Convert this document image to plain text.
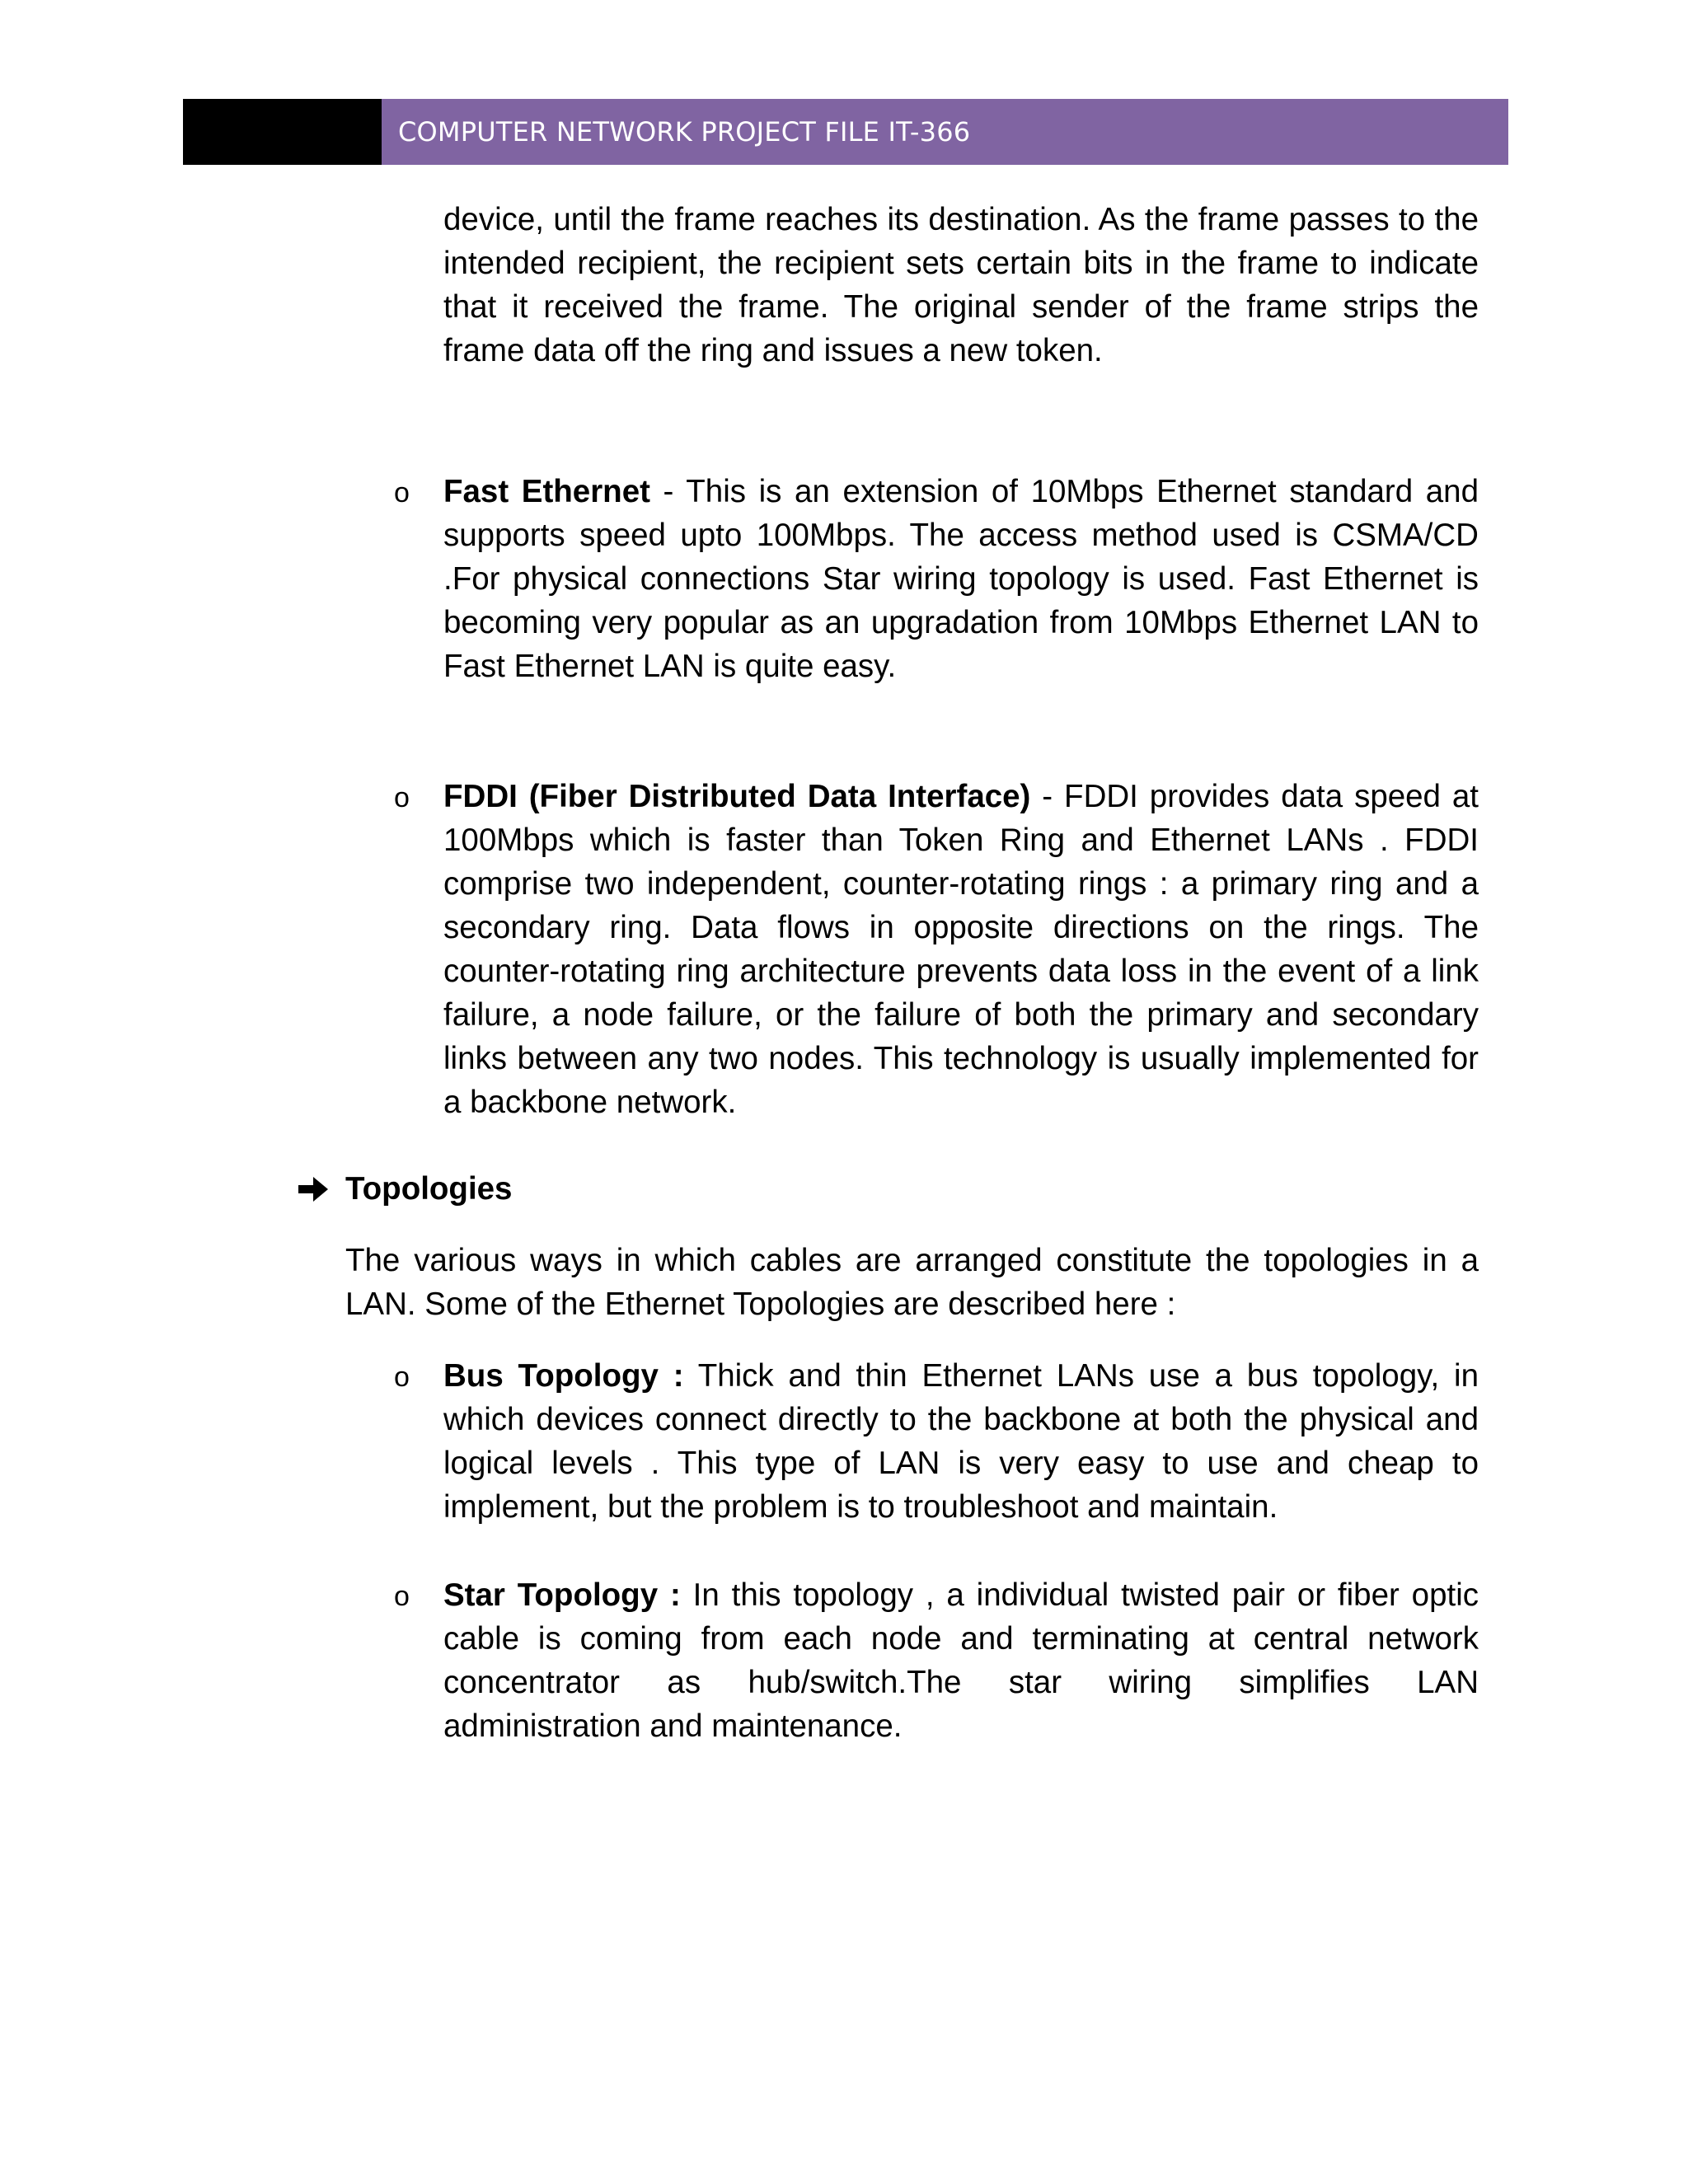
COMPUTER NETWORK PROJECT FILE IT-366

device, until the frame reaches its destination. As the frame passes to the intended recipient, the recipient sets certain bits in the frame to indicate that it received the frame. The original sender of the frame strips the frame data off the ring and issues a new token.

o	Fast Ethernet - This is an extension of 10Mbps Ethernet standard and supports speed upto 100Mbps. The access method used is CSMA/CD .For physical connections Star wiring topology is used. Fast Ethernet is becoming very popular as an upgradation from 10Mbps Ethernet LAN to Fast Ethernet LAN is quite easy.

o	FDDI (Fiber Distributed Data Interface) - FDDI provides data speed at 100Mbps which is faster than Token Ring and Ethernet LANs . FDDI comprise two independent, counter-rotating rings : a primary ring and a secondary ring. Data flows in opposite directions on the rings. The counter-rotating ring architecture prevents data loss in the event of a link failure, a node failure, or the failure of both the primary and secondary links between any two nodes. This technology is usually implemented for a backbone network.

Topologies

The various ways in which cables are arranged constitute the topologies in a LAN. Some of the Ethernet Topologies are described here :

o	Bus Topology : Thick and thin Ethernet LANs use a bus topology, in which devices connect directly to the backbone at both the physical and logical levels . This type of LAN is very easy to use and cheap to implement, but the problem is to troubleshoot and maintain.

o	Star Topology : In this topology , a individual twisted pair or fiber optic cable is coming from each node and terminating at central network concentrator as hub/switch.The star wiring simplifies LAN

administration and maintenance.
